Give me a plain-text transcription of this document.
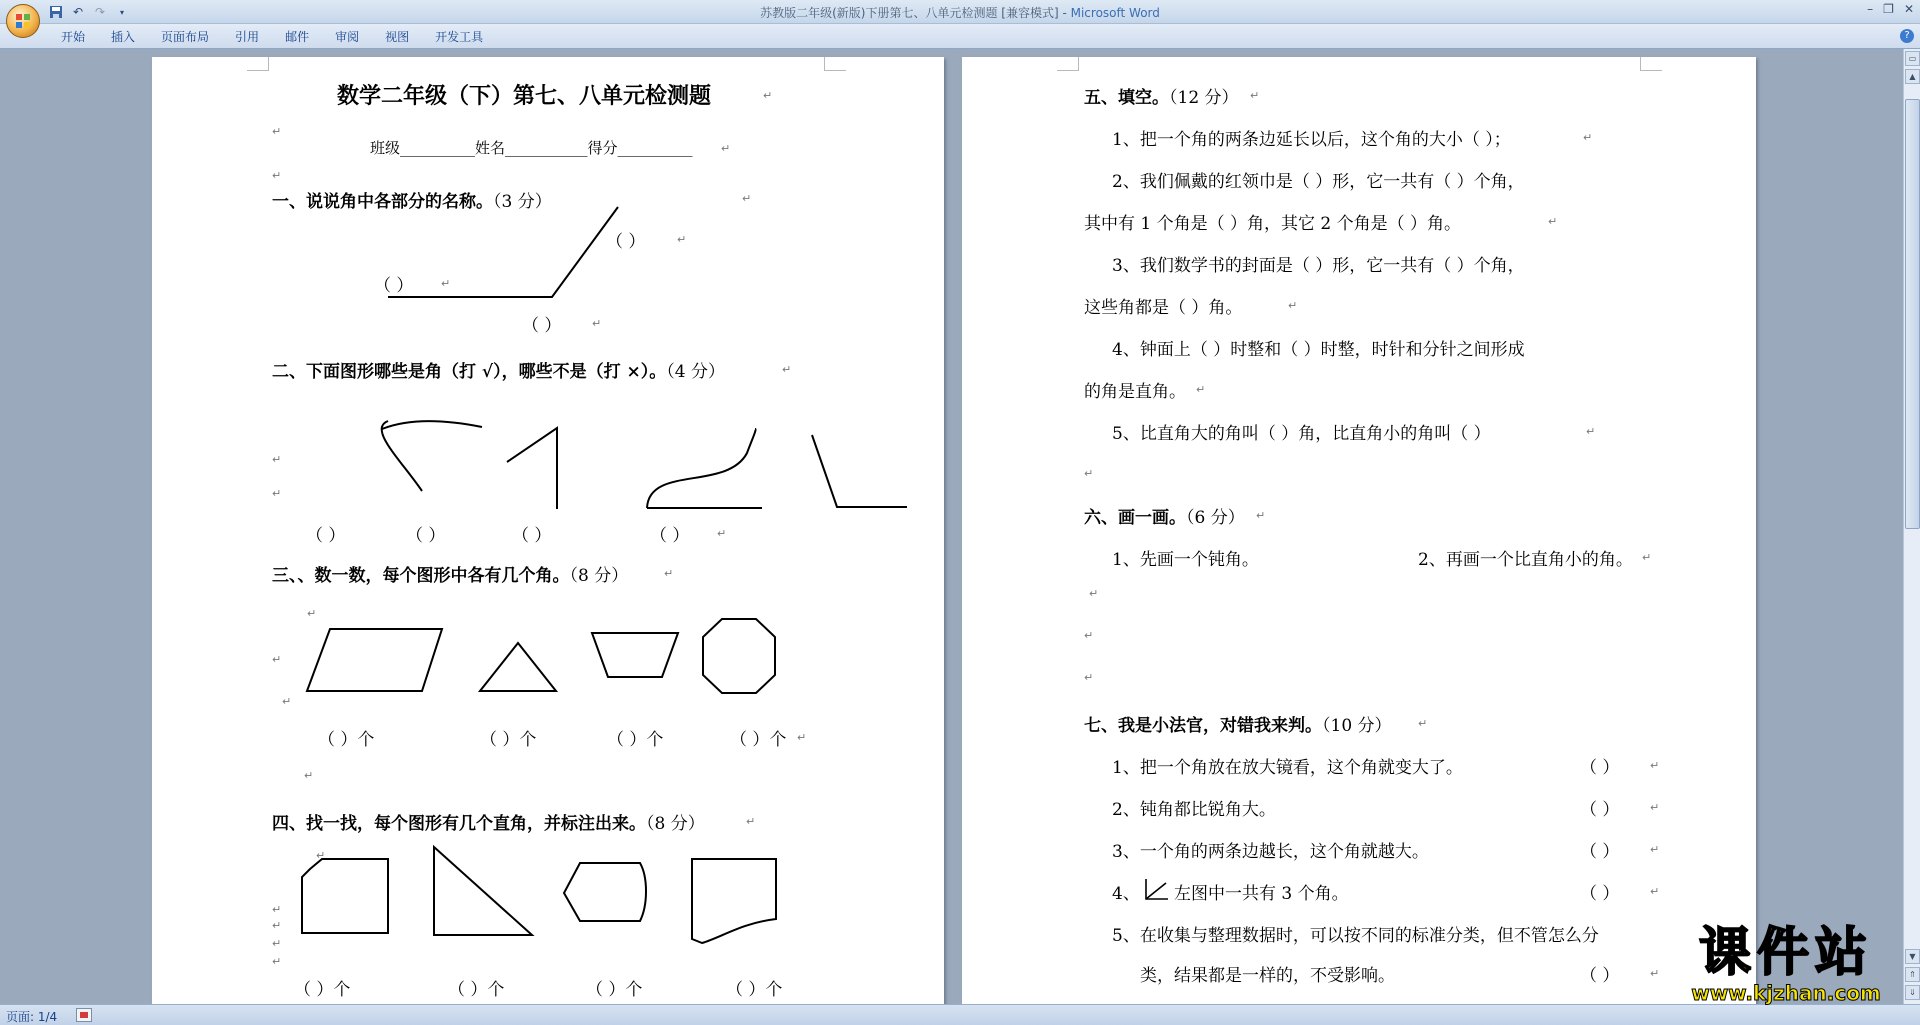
↶ ↷	▾	苏教版二年级(新版)下册第七、八单元检测题 [兼容模式] - Microsoft Word	– ❐ ✕
开始	插入	页面布局	引用	邮件	审阅	视图	开发工具	?
数学二年级（下）第七、八单元检测题	↵
↵
班级__________姓名___________得分__________	↵
↵
一、说说角中各部分的名称。（3 分）	↵
（ ）	↵
（ ）	↵
（ ）	↵
二、下面图形哪些是角（打 √），哪些不是（打 ×）。（4 分）	↵
↵
↵
（ ）	（ ）	（ ）	（ ）	↵
三、、数一数，每个图形中各有几个角。（8 分）	↵
↵
↵
↵
（ ）个	（ ）个	（ ）个	（ ）个 ↵
↵
四、找一找，每个图形有几个直角，并标注出来。（8 分）	↵
↵
↵
↵
↵
↵
（ ）个	（ ）个	（ ）个	（ ）个
五、填空。（12 分） ↵
1、把一个角的两条边延长以后，这个角的大小（ ）；	↵
2、我们佩戴的红领巾是（ ）形，它一共有（ ）个角，
其中有 1 个角是（ ）角，其它 2 个角是（ ）角。	↵
3、我们数学书的封面是（ ）形，它一共有（ ）个角，
这些角都是（ ）角。	↵
4、钟面上（ ）时整和（ ）时整，时针和分针之间形成
的角是直角。 ↵
5、比直角大的角叫（ ）角，比直角小的角叫（ ）	↵
↵
六、画一画。（6 分） ↵
1、先画一个钝角。	2、再画一个比直角小的角。 ↵
↵
↵
↵
七、我是小法官，对错我来判。（10 分） ↵
1、把一个角放在放大镜看，这个角就变大了。	（ ）	↵
2、钝角都比锐角大。	（ ）	↵
3、一个角的两条边越长，这个角就越大。	（ ）	↵
4、 左图中一共有 3 个角。	（ ）	↵
5、在收集与整理数据时，可以按不同的标准分类，但不管怎么分
类，结果都是一样的，不受影响。	（ ）	↵
▭
▲
▼
⇑
⇓
页面: 1/4
课件站
www.kjzhan.com
